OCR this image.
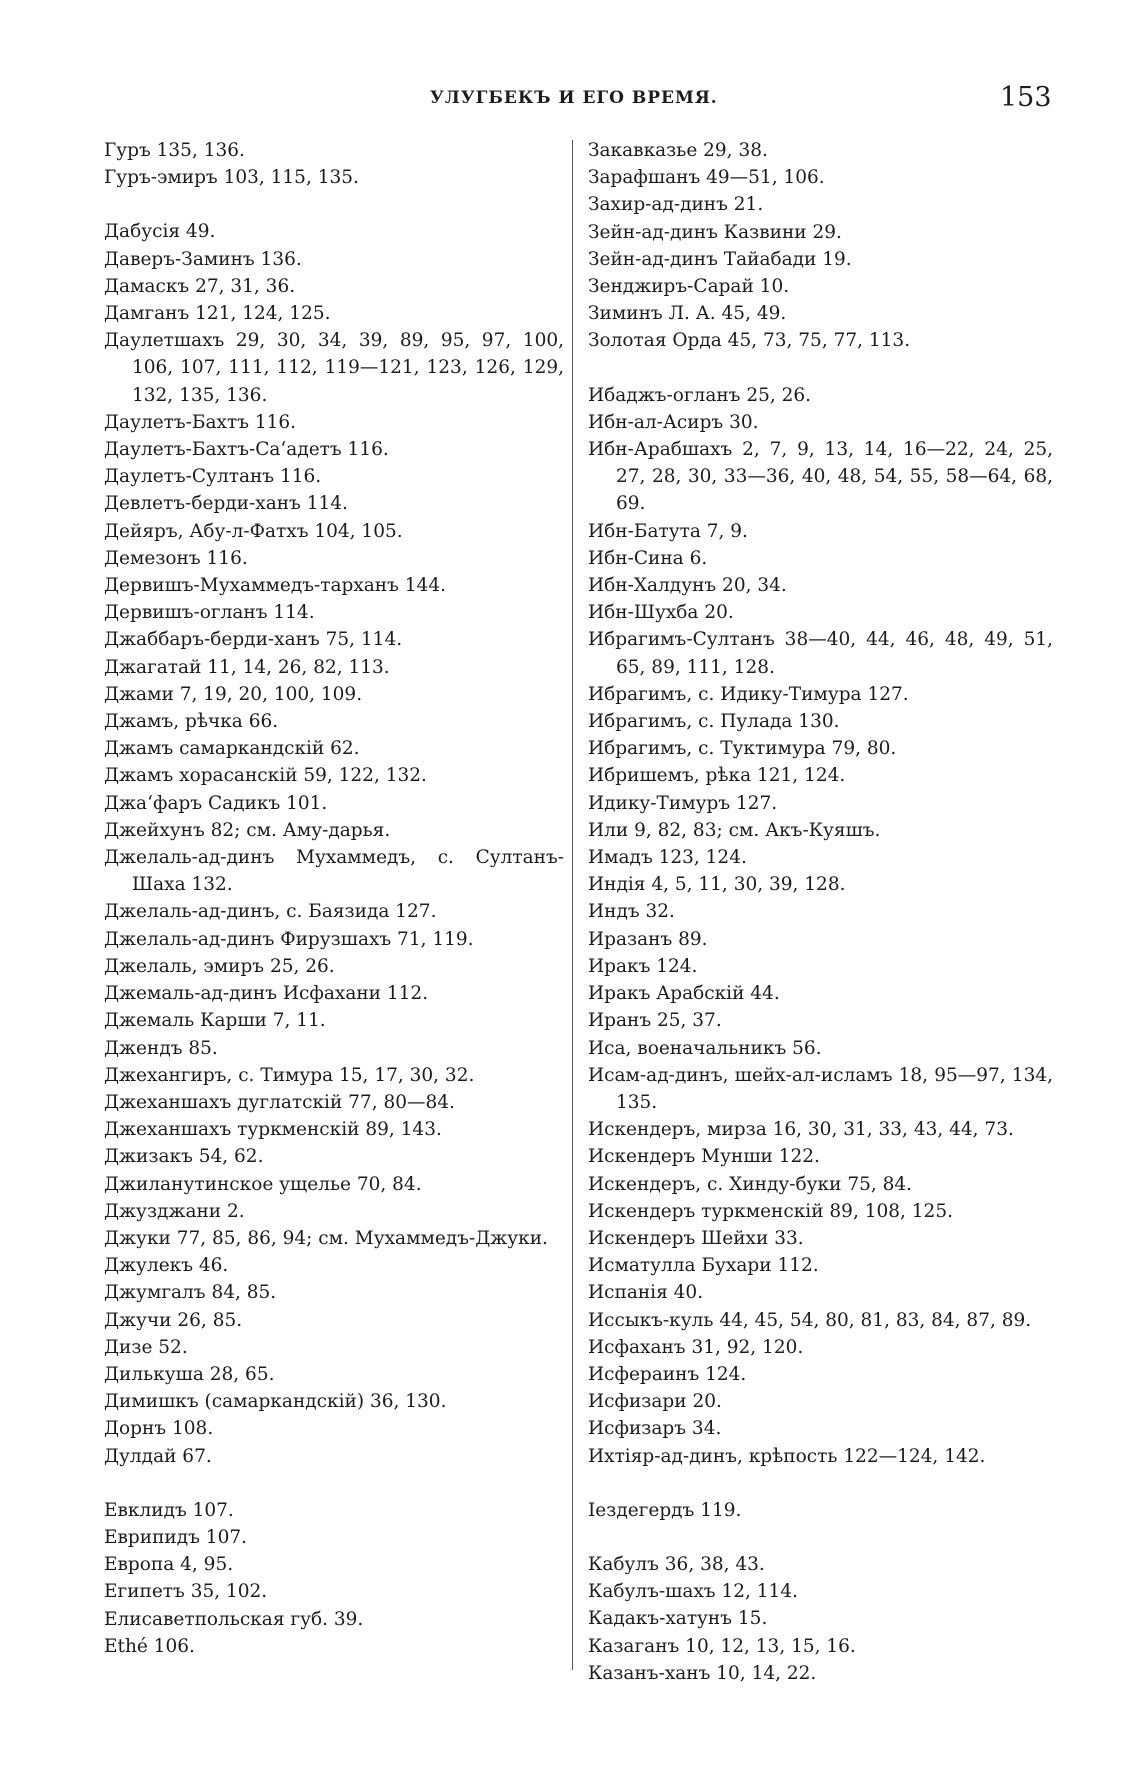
УЛУГБЕКЪ И ЕГО ВРЕМЯ.	153

Гуръ 135, 136.

Гуръ-эмиръ 103, 115, 135.

Дабусія 49.

Даверъ-Заминъ 136.

Дамаскъ 27, 31, 36.

Дамганъ 121, 124, 125.

Даулетшахъ 29, 30, 34, 39, 89, 95, 97, 100, 106, 107, 111, 112, 119—121, 123, 126, 129, 132, 135, 136.

Даулетъ-Бахтъ 116.

Даулетъ-Бахтъ-Саʻадетъ 116.

Даулетъ-Султанъ 116.

Девлетъ-берди-ханъ 114.

Дейяръ, Абу-л-Фатхъ 104, 105.

Демезонъ 116.

Дервишъ-Мухаммедъ-тарханъ 144.

Дервишъ-огланъ 114.

Джаббаръ-берди-ханъ 75, 114.

Джагатай 11, 14, 26, 82, 113.

Джами 7, 19, 20, 100, 109.

Джамъ, рѣчка 66.

Джамъ самаркандскій 62.

Джамъ хорасанскій 59, 122, 132.

Джаʻфаръ Садикъ 101.

Джейхунъ 82; см. Аму-дарья.

Джелаль-ад-динъ Мухаммедъ, с. Султанъ-Шаха 132.

Джелаль-ад-динъ, с. Баязида 127.

Джелаль-ад-динъ Фирузшахъ 71, 119.

Джелаль, эмиръ 25, 26.

Джемаль-ад-динъ Исфахани 112.

Джемаль Карши 7, 11.

Джендъ 85.

Джехангиръ, с. Тимура 15, 17, 30, 32.

Джеханшахъ дуглатскій 77, 80—84.

Джеханшахъ туркменскій 89, 143.

Джизакъ 54, 62.

Джиланутинское ущелье 70, 84.

Джузджани 2.

Джуки 77, 85, 86, 94; см. Мухаммедъ-Джуки.

Джулекъ 46.

Джумгалъ 84, 85.

Джучи 26, 85.

Дизе 52.

Дилькуша 28, 65.

Димишкъ (самаркандскій) 36, 130.

Дорнъ 108.

Дулдай 67.

Евклидъ 107.

Еврипидъ 107.

Европа 4, 95.

Египетъ 35, 102.

Елисаветпольская губ. 39.

Ethé 106.

Закавказье 29, 38.

Зарафшанъ 49—51, 106.

Захир-ад-динъ 21.

Зейн-ад-динъ Казвини 29.

Зейн-ад-динъ Тайабади 19.

Зенджиръ-Сарай 10.

Зиминъ Л. А. 45, 49.

Золотая Орда 45, 73, 75, 77, 113.

Ибаджъ-огланъ 25, 26.

Ибн-ал-Асиръ 30.

Ибн-Арабшахъ 2, 7, 9, 13, 14, 16—22, 24, 25, 27, 28, 30, 33—36, 40, 48, 54, 55, 58—64, 68, 69.

Ибн-Батута 7, 9.

Ибн-Сина 6.

Ибн-Халдунъ 20, 34.

Ибн-Шухба 20.

Ибрагимъ-Султанъ 38—40, 44, 46, 48, 49, 51, 65, 89, 111, 128.

Ибрагимъ, с. Идику-Тимура 127.

Ибрагимъ, с. Пулада 130.

Ибрагимъ, с. Туктимура 79, 80.

Ибришемъ, рѣка 121, 124.

Идику-Тимуръ 127.

Или 9, 82, 83; см. Акъ-Куяшъ.

Имадъ 123, 124.

Индія 4, 5, 11, 30, 39, 128.

Индъ 32.

Иразанъ 89.

Иракъ 124.

Иракъ Арабскій 44.

Иранъ 25, 37.

Иса, военачальникъ 56.

Исам-ад-динъ, шейх-ал-исламъ 18, 95—97, 134, 135.

Искендеръ, мирза 16, 30, 31, 33, 43, 44, 73.

Искендеръ Мунши 122.

Искендеръ, с. Хинду-буки 75, 84.

Искендеръ туркменскій 89, 108, 125.

Искендеръ Шейхи 33.

Исматулла Бухари 112.

Испанія 40.

Иссыкъ-куль 44, 45, 54, 80, 81, 83, 84, 87, 89.

Исфаханъ 31, 92, 120.

Исфераинъ 124.

Исфизари 20.

Исфизаръ 34.

Ихтіяр-ад-динъ, крѣпость 122—124, 142.

Іездегердъ 119.

Кабулъ 36, 38, 43.

Кабулъ-шахъ 12, 114.

Кадакъ-хатунъ 15.

Казаганъ 10, 12, 13, 15, 16.

Казанъ-ханъ 10, 14, 22.
